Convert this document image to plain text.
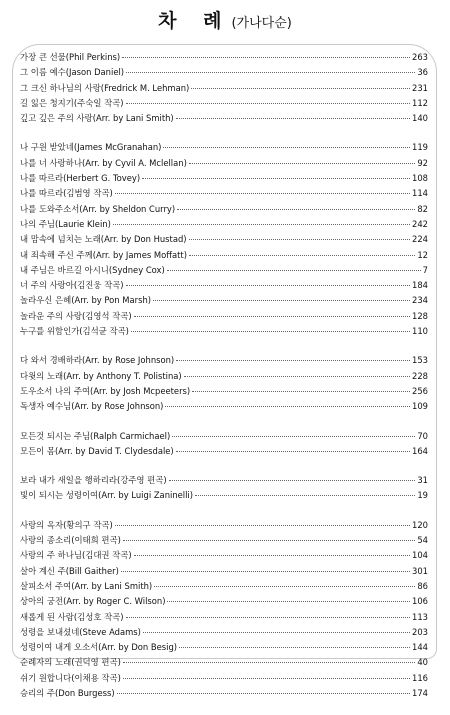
차 례(가나다순)
가장 큰 선물(Phil Perkins)	263
그 이름 예수(Jason Daniel)	36
그 크신 하나님의 사랑(Fredrick M. Lehman)	231
길 잃은 청지기(주숙일 작곡)	112
깊고 깊은 주의 사랑(Arr. by Lani Smith)	140
나 구원 받았네(James McGranahan)	119
나를 너 사랑하나(Arr. by Cyvil A. Mclellan)	92
나를 따르라(Herbert G. Tovey)	108
나를 따르라(김범영 작곡)	114
나를 도와주소서(Arr. by Sheldon Curry)	82
나의 주님(Laurie Klein)	242
내 맘속에 넘치는 노래(Arr. by Don Hustad)	224
내 죄속해 주신 주께(Arr. by James Moffatt)	12
내 주님은 바르길 아시니(Sydney Cox)	7
너 주의 사랑아(김진웅 작곡)	184
놀라우신 은혜(Arr. by Pon Marsh)	234
놀라운 주의 사랑(김영석 작곡)	128
누구를 위함인가(김석균 작곡)	110
다 와서 경배하라(Arr. by Rose Johnson)	153
다윗의 노래(Arr. by Anthony T. Polistina)	228
도우소서 나의 주여(Arr. by Josh Mcpeeters)	256
독생자 예수님(Arr. by Rose Johnson)	109
모든것 되시는 주님(Ralph Carmichael)	70
모든이 몸(Arr. by David T. Clydesdale)	164
보라 내가 새일을 행하리라(강주영 편곡)	31
빛이 되시는 성령이여(Arr. by Luigi Zaninelli)	19
사랑의 옥자(황의구 작곡)	120
사랑의 종소리(이태희 편곡)	54
사랑의 주 하나님(김대권 작곡)	104
살아 계신 주(Bill Gaither)	301
살피소서 주여(Arr. by Lani Smith)	86
상아의 궁전(Arr. by Roger C. Wilson)	106
새롭게 된 사람(김성호 작곡)	113
성령을 보내셨네(Steve Adams)	203
성령이여 내게 오소서(Arr. by Don Besig)	144
순례자의 노래(권덕영 편곡)	40
쉬기 원합니다(이채용 작곡)	116
승리의 주(Don Burgess)	174
